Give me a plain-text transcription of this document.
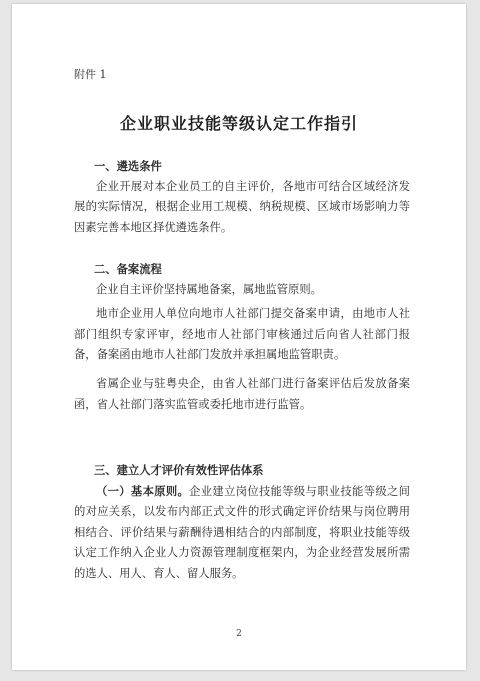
附件 1
企业职业技能等级认定工作指引
一、遴选条件
企业开展对本企业员工的自主评价，各地市可结合区域经济发展的实际情况，根据企业用工规模、纳税规模、区域市场影响力等因素完善本地区择优遴选条件。
二、备案流程
企业自主评价坚持属地备案，属地监管原则。
地市企业用人单位向地市人社部门提交备案申请，由地市人社部门组织专家评审，经地市人社部门审核通过后向省人社部门报备，备案函由地市人社部门发放并承担属地监管职责。
省属企业与驻粤央企，由省人社部门进行备案评估后发放备案函，省人社部门落实监管或委托地市进行监管。
三、建立人才评价有效性评估体系
（一）基本原则。企业建立岗位技能等级与职业技能等级之间的对应关系，以发布内部正式文件的形式确定评价结果与岗位聘用相结合、评价结果与薪酬待遇相结合的内部制度，将职业技能等级认定工作纳入企业人力资源管理制度框架内，为企业经营发展所需的选人、用人、育人、留人服务。
2
